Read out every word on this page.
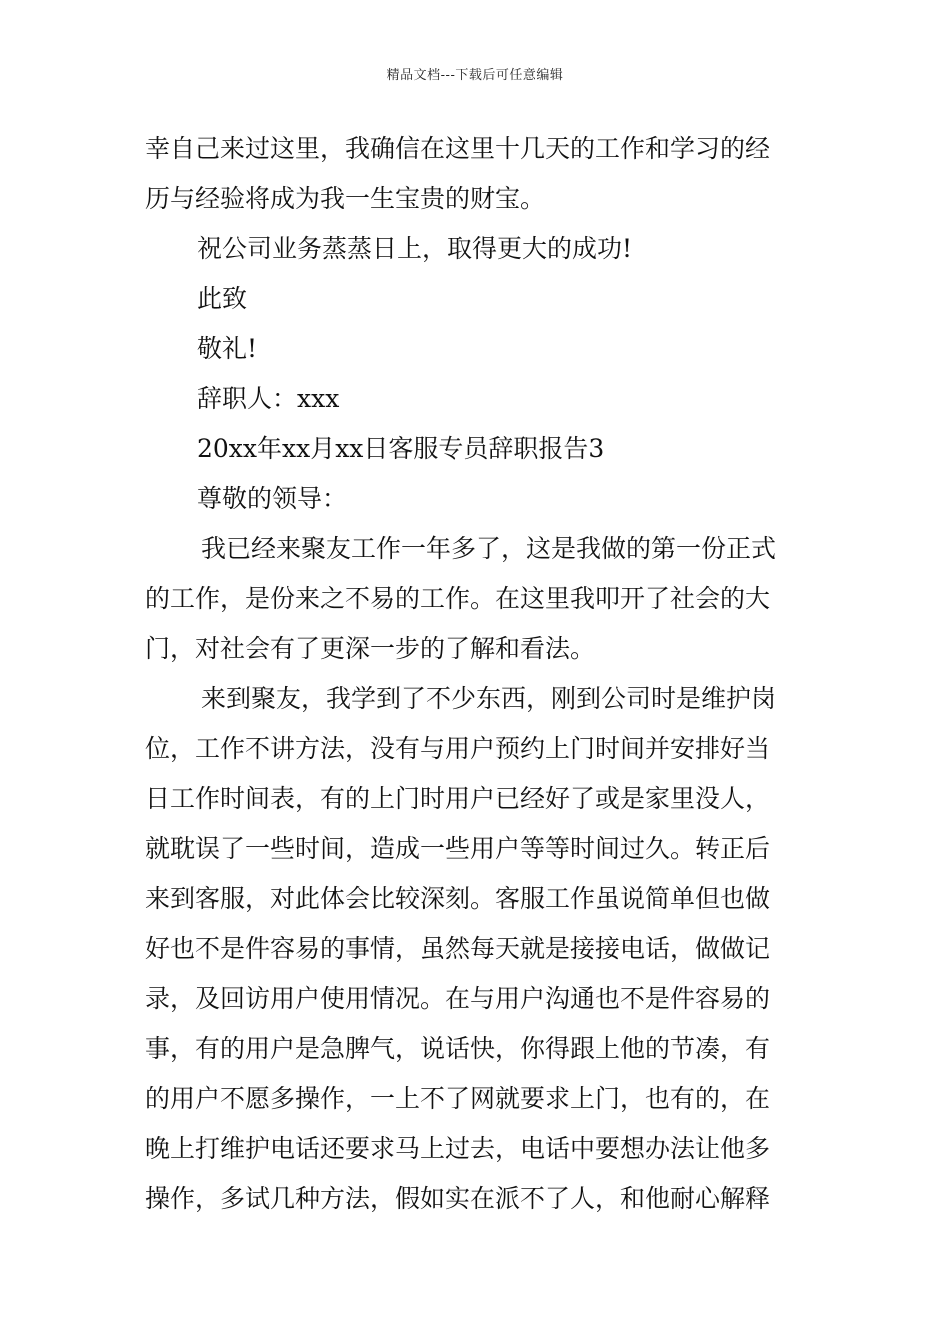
精品文档---下载后可任意编辑
幸自己来过这里，我确信在这里十几天的工作和学习的经
历与经验将成为我一生宝贵的财宝。
祝公司业务蒸蒸日上，取得更大的成功!
此致
敬礼!
辞职人：xxx
20xx年xx月xx日客服专员辞职报告3
尊敬的领导：
我已经来聚友工作一年多了，这是我做的第一份正式
的工作，是份来之不易的工作。在这里我叩开了社会的大
门，对社会有了更深一步的了解和看法。
来到聚友，我学到了不少东西，刚到公司时是维护岗
位，工作不讲方法，没有与用户预约上门时间并安排好当
日工作时间表，有的上门时用户已经好了或是家里没人，
就耽误了一些时间，造成一些用户等等时间过久。转正后
来到客服，对此体会比较深刻。客服工作虽说简单但也做
好也不是件容易的事情，虽然每天就是接接电话，做做记
录，及回访用户使用情况。在与用户沟通也不是件容易的
事，有的用户是急脾气，说话快，你得跟上他的节凑，有
的用户不愿多操作，一上不了网就要求上门，也有的，在
晚上打维护电话还要求马上过去，电话中要想办法让他多
操作，多试几种方法，假如实在派不了人，和他耐心解释
